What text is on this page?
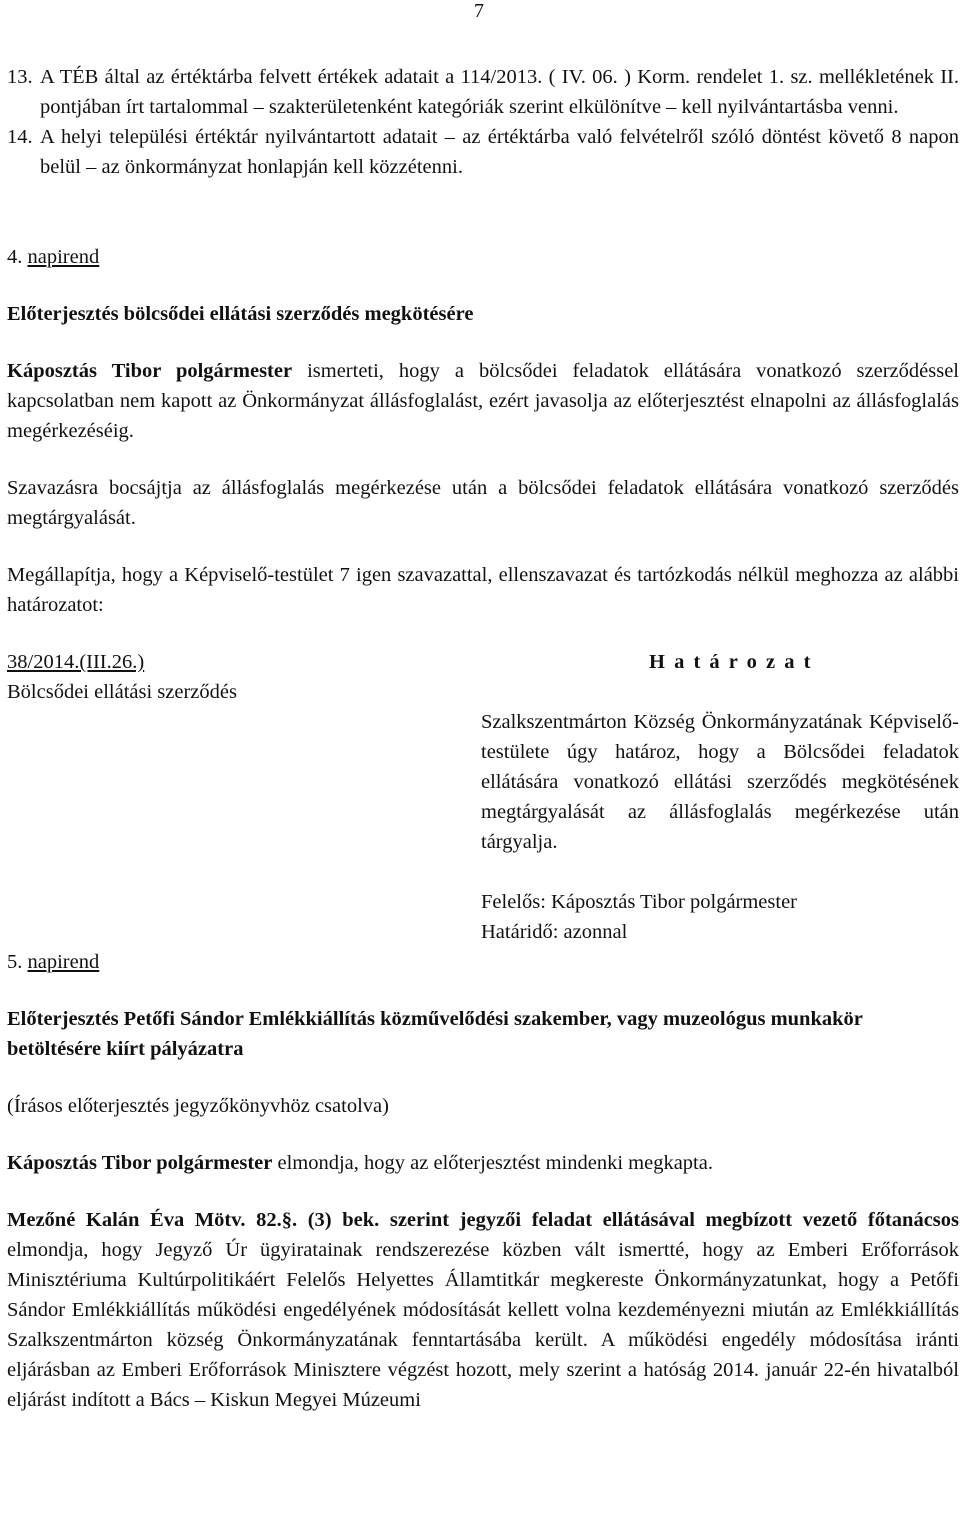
7
13. A TÉB által az értéktárba felvett értékek adatait a 114/2013. ( IV. 06. ) Korm. rendelet 1. sz. mellékletének II. pontjában írt tartalommal – szakterületenként kategóriák szerint elkülönítve – kell nyilvántartásba venni.
14. A helyi települési értéktár nyilvántartott adatait – az értéktárba való felvételről szóló döntést követő 8 napon belül – az önkormányzat honlapján kell közzétenni.

4. napirend

Előterjesztés bölcsődei ellátási szerződés megkötésére

Káposztás Tibor polgármester ismerteti, hogy a bölcsődei feladatok ellátására vonatkozó szerződéssel kapcsolatban nem kapott az Önkormányzat állásfoglalást, ezért javasolja az előterjesztést elnapolni az állásfoglalás megérkezéséig.

Szavazásra bocsájtja az állásfoglalás megérkezése után a bölcsődei feladatok ellátására vonatkozó szerződés megtárgyalását.

Megállapítja, hogy a Képviselő-testület 7 igen szavazattal, ellenszavazat és tartózkodás nélkül meghozza az alábbi határozatot:

38/2014.(III.26.)
Bölcsődei ellátási szerződés
H a t á r o z a t

Szalkszentmárton Község Önkormányzatának Képviselő-testülete úgy határoz, hogy a Bölcsődei feladatok ellátására vonatkozó ellátási szerződés megkötésének megtárgyalását az állásfoglalás megérkezése után tárgyalja.

Felelős: Káposztás Tibor polgármester

Határidő: azonnal

5. napirend

Előterjesztés Petőfi Sándor Emlékkiállítás közművelődési szakember, vagy muzeológus munkakör betöltésére kiírt pályázatra

(Írásos előterjesztés jegyzőkönyvhöz csatolva)

Káposztás Tibor polgármester elmondja, hogy az előterjesztést mindenki megkapta.

Mezőné Kalán Éva Mötv. 82.§. (3) bek. szerint jegyzői feladat ellátásával megbízott vezető főtanácsos elmondja, hogy Jegyző Úr ügyiratainak rendszerezése közben vált ismertté, hogy az Emberi Erőforrások Minisztériuma Kultúrpolitikáért Felelős Helyettes Államtitkár megkereste Önkormányzatunkat, hogy a Petőfi Sándor Emlékkiállítás működési engedélyének módosítását kellett volna kezdeményezni miután az Emlékkiállítás Szalkszentmárton község Önkormányzatának fenntartásába került. A működési engedély módosítása iránti eljárásban az Emberi Erőforrások Minisztere végzést hozott, mely szerint a hatóság 2014. január 22-én hivatalból eljárást indított a Bács – Kiskun Megyei Múzeumi
